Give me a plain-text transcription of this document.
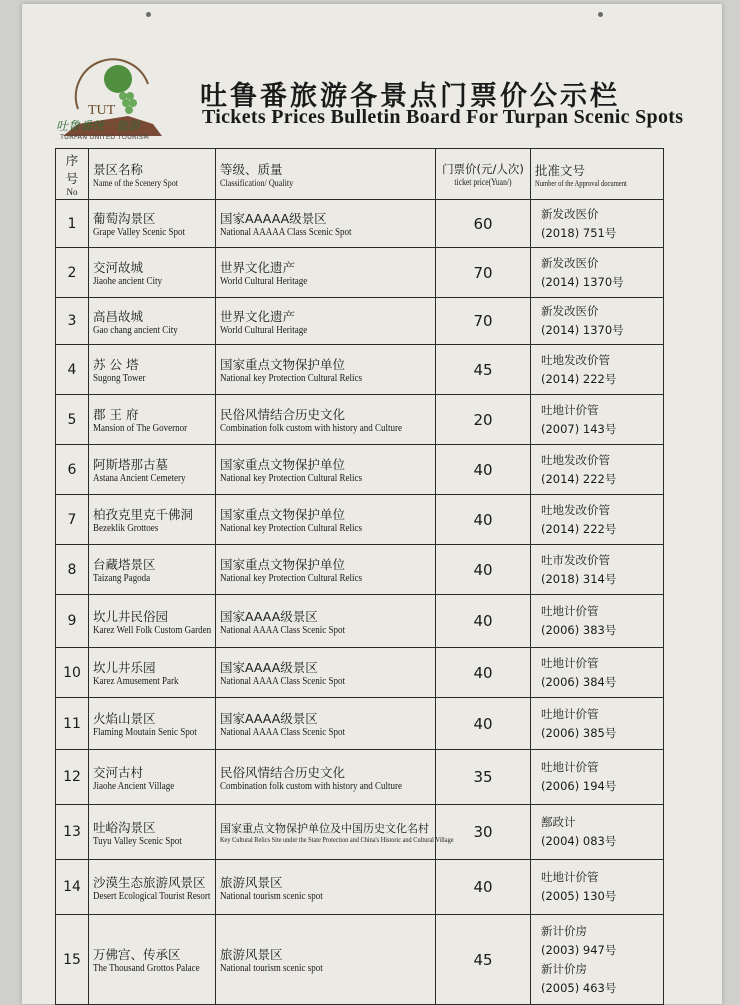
TUT
吐鲁番统一旅游
TURPAN UNITED TOURISM
吐鲁番旅游各景点门票价公示栏
Tickets Prices Bulletin Board For Turpan Scenic Spots
序号
No	景区名称
Name of the Scenery Spot	等级、质量
Classification/ Quality	门票价(元/人次)
ticket price(Yuan/)	批准文号
Number of the Approval document

1	葡萄沟景区
Grape Valley Scenic Spot	国家AAAAA级景区
National AAAAA Class Scenic Spot	60	新发改医价
(2018) 751号

2	交河故城
Jiaohe ancient City	世界文化遗产
World Cultural Heritage	70	新发改医价
(2014) 1370号

3	高昌故城
Gao chang ancient City	世界文化遗产
World Cultural Heritage	70	新发改医价
(2014) 1370号

4	苏 公 塔
Sugong Tower	国家重点文物保护单位
National key Protection Cultural Relics	45	吐地发改价管
(2014) 222号

5	郡 王 府
Mansion of The Governor	民俗风情结合历史文化
Combination folk custom with history and Culture	20	吐地计价管
(2007) 143号

6	阿斯塔那古墓
Astana Ancient Cemetery	国家重点文物保护单位
National key Protection Cultural Relics	40	吐地发改价管
(2014) 222号

7	柏孜克里克千佛洞
Bezeklik Grottoes	国家重点文物保护单位
National key Protection Cultural Relics	40	吐地发改价管
(2014) 222号

8	台藏塔景区
Taizang Pagoda	国家重点文物保护单位
National key Protection Cultural Relics	40	吐市发改价管
(2018) 314号

9	坎儿井民俗园
Karez Well Folk Custom Garden	国家AAAA级景区
National AAAA Class Scenic Spot	40	吐地计价管
(2006) 383号

10	坎儿井乐园
Karez Amusement Park	国家AAAA级景区
National AAAA Class Scenic Spot	40	吐地计价管
(2006) 384号

11	火焰山景区
Flaming Moutain Senic Spot	国家AAAA级景区
National AAAA Class Scenic Spot	40	吐地计价管
(2006) 385号

12	交河古村
Jiaohe Ancient Village	民俗风情结合历史文化
Combination folk custom with history and Culture	35	吐地计价管
(2006) 194号

13	吐峪沟景区
Tuyu Valley Scenic Spot	国家重点文物保护单位及中国历史文化名村
Key Cultural Relics Site under the State Protection and China's Historic and Cultural Village	30	鄯政计
(2004) 083号

14	沙漠生态旅游风景区
Desert Ecological Tourist Resort	旅游风景区
National tourism scenic spot	40	吐地计价管
(2005) 130号

15	万佛宫、传承区
The Thousand Grottos Palace	旅游风景区
National tourism scenic spot	45	新计价房
(2003) 947号
新计价房
(2005) 463号
